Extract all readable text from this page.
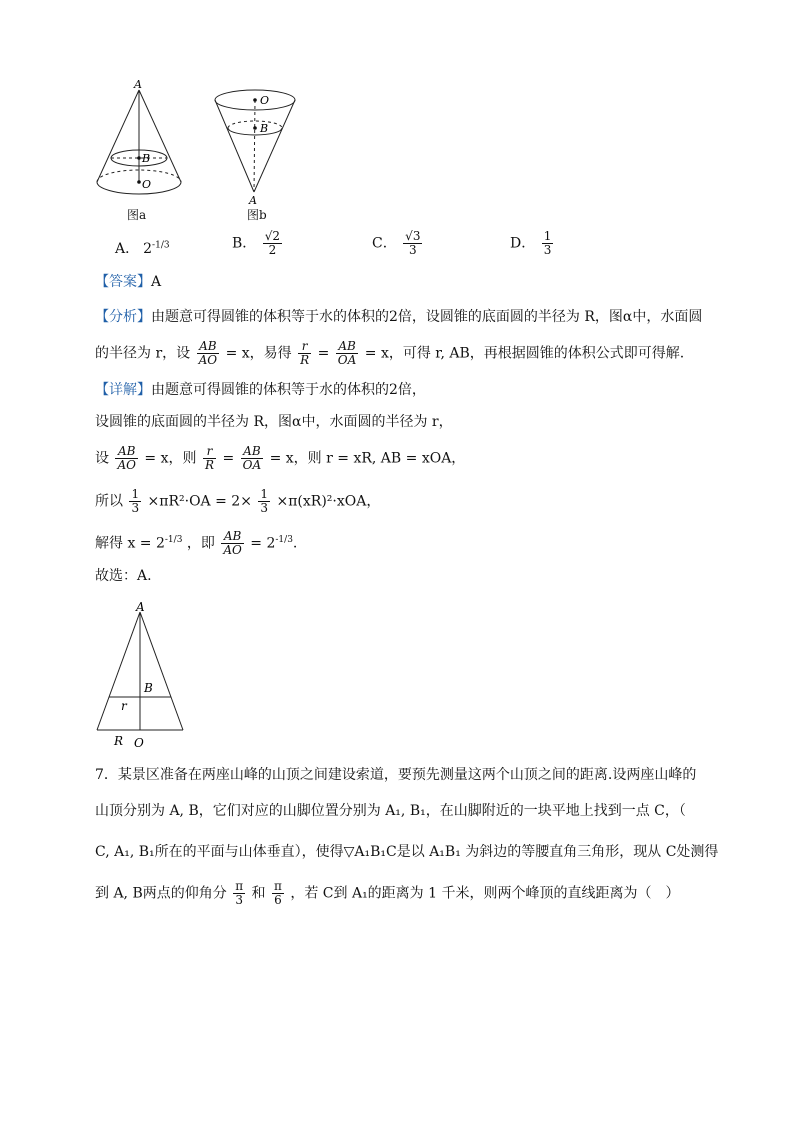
A
B
O
图a
O
B
A
图b
A． $2^{-1/3}$	B． $\frac{√2}{2}$	C． $\frac{√3}{3}$	D． $\frac{1}{3}$
【答案】A
【分析】由题意可得圆锥的体积等于水的体积的2倍，设圆锥的底面圆的半径为 R，图α中，水面圆
的半径为 r，设 $\frac{AB}{AO} = x$，易得 $\frac{r}{R} = \frac{AB}{OA} = x$，可得 r, AB，再根据圆锥的体积公式即可得解.
【详解】由题意可得圆锥的体积等于水的体积的2倍，
设圆锥的底面圆的半径为 R，图α中，水面圆的半径为 r，
设 $\frac{AB}{AO} = x$，则 $\frac{r}{R} = \frac{AB}{OA} = x$，则 r = xR, AB = xOA，
所以 $\frac{1}{3} \times\pi R^2\cdot OA = 2\times \frac{1}{3} \times\pi(xR)^2\cdot xOA$，
解得 $x = 2^{-1/3}$ ，即 $\frac{AB}{AO} = 2^{-1/3}$.
故选：A.
A
B
r
R O
7．某景区准备在两座山峰的山顶之间建设索道，要预先测量这两个山顶之间的距离.设两座山峰的
山顶分别为 A, B，它们对应的山脚位置分别为 A₁, B₁，在山脚附近的一块平地上找到一点 C，（
C, A₁, B₁所在的平面与山体垂直），使得▽A₁B₁C是以 A₁B₁ 为斜边的等腰直角三角形，现从 C处测得
到 A, B两点的仰角分 $\frac{\pi}{3}$ 和 $\frac{\pi}{6}$ ，若 C到 A₁的距离为 1 千米，则两个峰顶的直线距离为（　）
